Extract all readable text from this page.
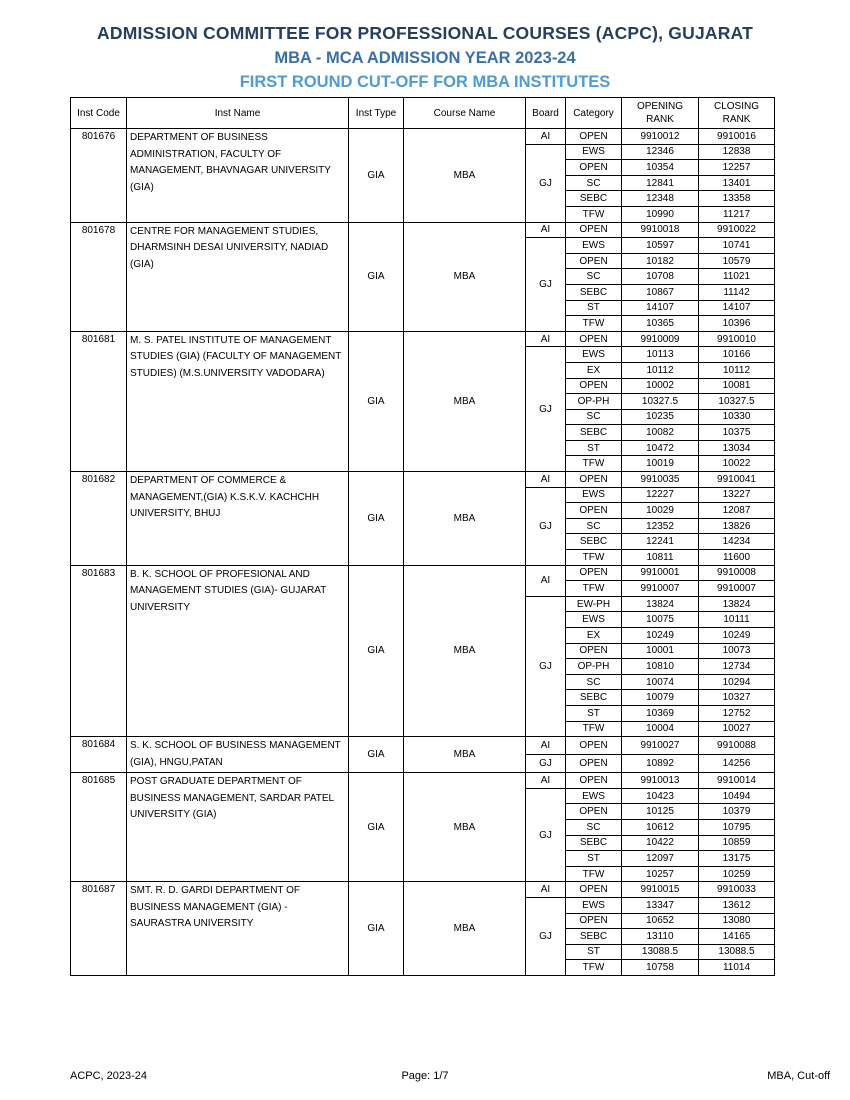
ADMISSION COMMITTEE FOR PROFESSIONAL COURSES (ACPC), GUJARAT
MBA - MCA ADMISSION YEAR 2023-24
FIRST ROUND CUT-OFF FOR MBA INSTITUTES
Inst Code	Inst Name	Inst Type	Course Name	Board	Category	OPENING RANK	CLOSING RANK
801676	DEPARTMENT OF BUSINESS ADMINISTRATION, FACULTY OF MANAGEMENT, BHAVNAGAR UNIVERSITY (GIA)	GIA	MBA	AI	OPEN	9910012	9910016
				GJ	EWS	12346	12838
					OPEN	10354	12257
					SC	12841	13401
					SEBC	12348	13358
					TFW	10990	11217
801678	CENTRE FOR MANAGEMENT STUDIES, DHARMSINH DESAI UNIVERSITY, NADIAD (GIA)	GIA	MBA	AI	OPEN	9910018	9910022
				GJ	EWS	10597	10741
					OPEN	10182	10579
					SC	10708	11021
					SEBC	10867	11142
					ST	14107	14107
					TFW	10365	10396
801681	M. S. PATEL INSTITUTE OF MANAGEMENT STUDIES (GIA) (FACULTY OF MANAGEMENT STUDIES) (M.S.UNIVERSITY VADODARA)	GIA	MBA	AI	OPEN	9910009	9910010
				GJ	EWS	10113	10166
					EX	10112	10112
					OPEN	10002	10081
					OP-PH	10327.5	10327.5
					SC	10235	10330
					SEBC	10082	10375
					ST	10472	13034
					TFW	10019	10022
801682	DEPARTMENT OF COMMERCE & MANAGEMENT,(GIA) K.S.K.V. KACHCHH UNIVERSITY, BHUJ	GIA	MBA	AI	OPEN	9910035	9910041
				GJ	EWS	12227	13227
					OPEN	10029	12087
					SC	12352	13826
					SEBC	12241	14234
					TFW	10811	11600
801683	B. K. SCHOOL OF PROFESIONAL AND MANAGEMENT STUDIES (GIA)- GUJARAT UNIVERSITY	GIA	MBA	AI	OPEN	9910001	9910008
					TFW	9910007	9910007
				GJ	EW-PH	13824	13824
					EWS	10075	10111
					EX	10249	10249
					OPEN	10001	10073
					OP-PH	10810	12734
					SC	10074	10294
					SEBC	10079	10327
					ST	10369	12752
					TFW	10004	10027
801684	S. K. SCHOOL OF BUSINESS MANAGEMENT (GIA), HNGU,PATAN	GIA	MBA	AI	OPEN	9910027	9910088
				GJ	OPEN	10892	14256
801685	POST GRADUATE DEPARTMENT OF BUSINESS MANAGEMENT, SARDAR PATEL UNIVERSITY (GIA)	GIA	MBA	AI	OPEN	9910013	9910014
				GJ	EWS	10423	10494
					OPEN	10125	10379
					SC	10612	10795
					SEBC	10422	10859
					ST	12097	13175
					TFW	10257	10259
801687	SMT. R. D. GARDI DEPARTMENT OF BUSINESS MANAGEMENT (GIA) - SAURASTRA UNIVERSITY	GIA	MBA	AI	OPEN	9910015	9910033
				GJ	EWS	13347	13612
					OPEN	10652	13080
					SEBC	13110	14165
					ST	13088.5	13088.5
					TFW	10758	11014
ACPC, 2023-24	Page: 1/7	MBA, Cut-off
